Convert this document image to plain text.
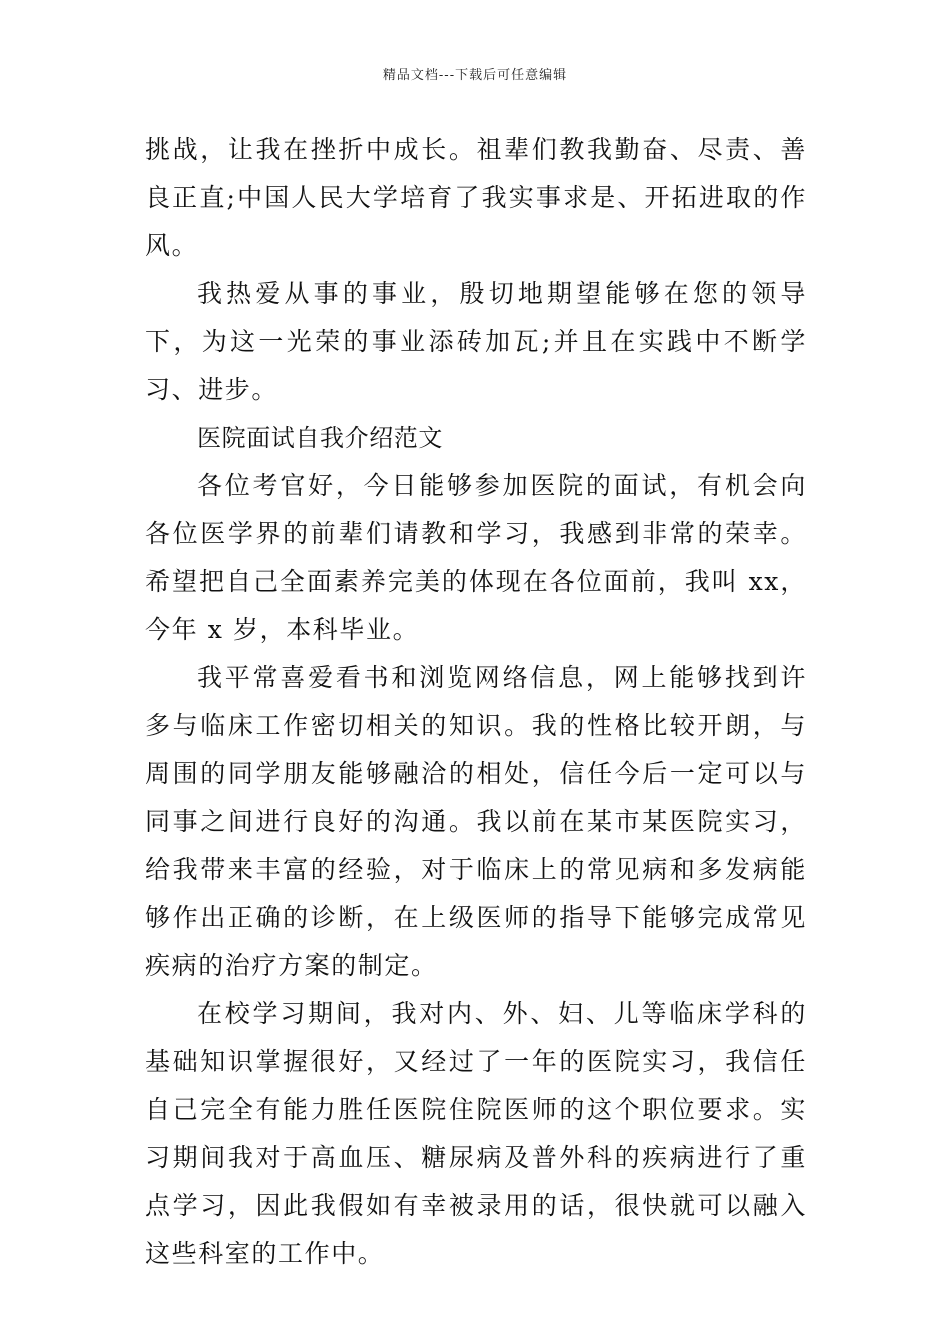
精品文档---下载后可任意编辑

挑战，让我在挫折中成长。祖辈们教我勤奋、尽责、善良正直;中国人民大学培育了我实事求是、开拓进取的作风。

我热爱从事的事业，殷切地期望能够在您的领导下，为这一光荣的事业添砖加瓦;并且在实践中不断学习、进步。

医院面试自我介绍范文

各位考官好，今日能够参加医院的面试，有机会向各位医学界的前辈们请教和学习，我感到非常的荣幸。希望把自己全面素养完美的体现在各位面前，我叫 xx，今年 x 岁，本科毕业。

我平常喜爱看书和浏览网络信息，网上能够找到许多与临床工作密切相关的知识。我的性格比较开朗，与周围的同学朋友能够融洽的相处，信任今后一定可以与同事之间进行良好的沟通。我以前在某市某医院实习，给我带来丰富的经验，对于临床上的常见病和多发病能够作出正确的诊断，在上级医师的指导下能够完成常见疾病的治疗方案的制定。

在校学习期间，我对内、外、妇、儿等临床学科的基础知识掌握很好，又经过了一年的医院实习，我信任自己完全有能力胜任医院住院医师的这个职位要求。实习期间我对于高血压、糖尿病及普外科的疾病进行了重点学习，因此我假如有幸被录用的话，很快就可以融入这些科室的工作中。
